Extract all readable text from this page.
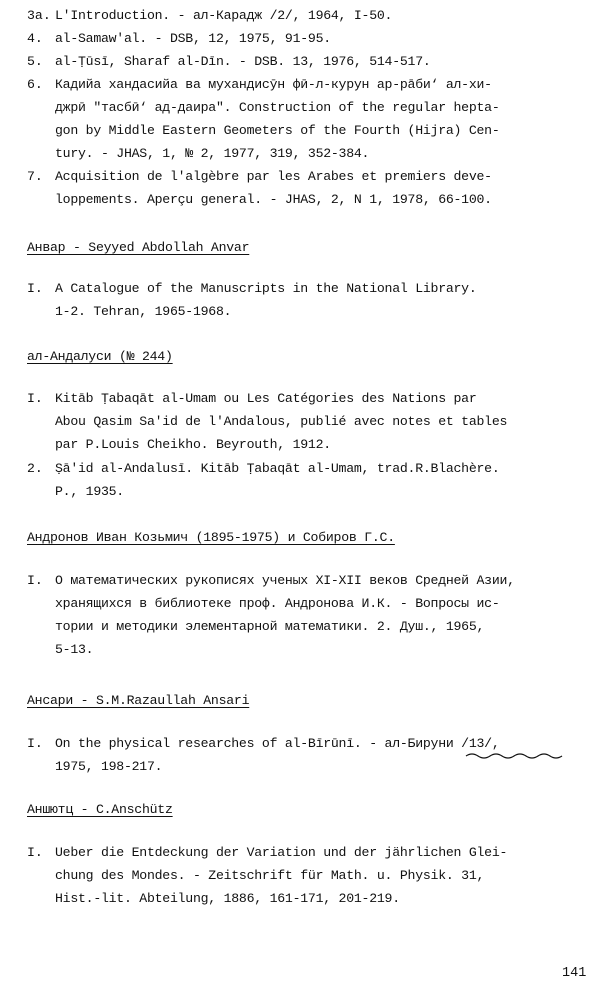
3а. L'Introduction. - ал-Карадж /2/, 1964, I-50.
4. al-Samaw'al. - DSB, 12, 1975, 91-95.
5. al-Ṭūsī, Sharaf al-Dīn. - DSB. 13, 1976, 514-517.
6. Кадийа хандасийа ва мухандисӯн фӣ-л-курун ар-рāби‘ ал-хи-
джрӣ "тасбӣ‘ ад-даира". Construction of the regular hepta-
gon by Middle Eastern Geometers of the Fourth (Hijra) Cen-
tury. - JHAS, 1, № 2, 1977, 319, 352-384.
7. Acquisition de l'algèbre par les Arabes et premiers deve-
loppements. Aperçu general. - JHAS, 2, N 1, 1978, 66-100.
Анвар - Seyyed Abdollah Anvar
I. A Catalogue of the Manuscripts in the National Library.
1-2. Tehran, 1965-1968.
ал-Андалуси (№ 244)
I. Kitāb Ṭabaqāt al-Umam ou Les Catégories des Nations par
Abou Qasim Sa'id de l'Andalous, publié avec notes et tables
par P.Louis Cheikho. Beyrouth, 1912.
2. Ṣā'id al-Andalusī. Kitāb Ṭabaqāt al-Umam, trad.R.Blachère.
P., 1935.
Андронов Иван Козьмич (1895-1975) и Собиров Г.С.
I. О математических рукописях ученых XI-XII веков Средней Азии,
хранящихся в библиотеке проф. Андронова И.К. - Вопросы ис-
тории и методики элементарной математики. 2. Душ., 1965,
5-13.
Ансари - S.M.Razaullah Ansari
I. On the physical researches of al-Bīrūnī. - ал-Бируни /13/,
1975, 198-217.
Аншютц - C.Anschütz
I. Ueber die Entdeckung der Variation und der jährlichen Glei-
chung des Mondes. - Zeitschrift für Math. u. Physik. 31,
Hist.-lit. Abteilung, 1886, 161-171, 201-219.
141
